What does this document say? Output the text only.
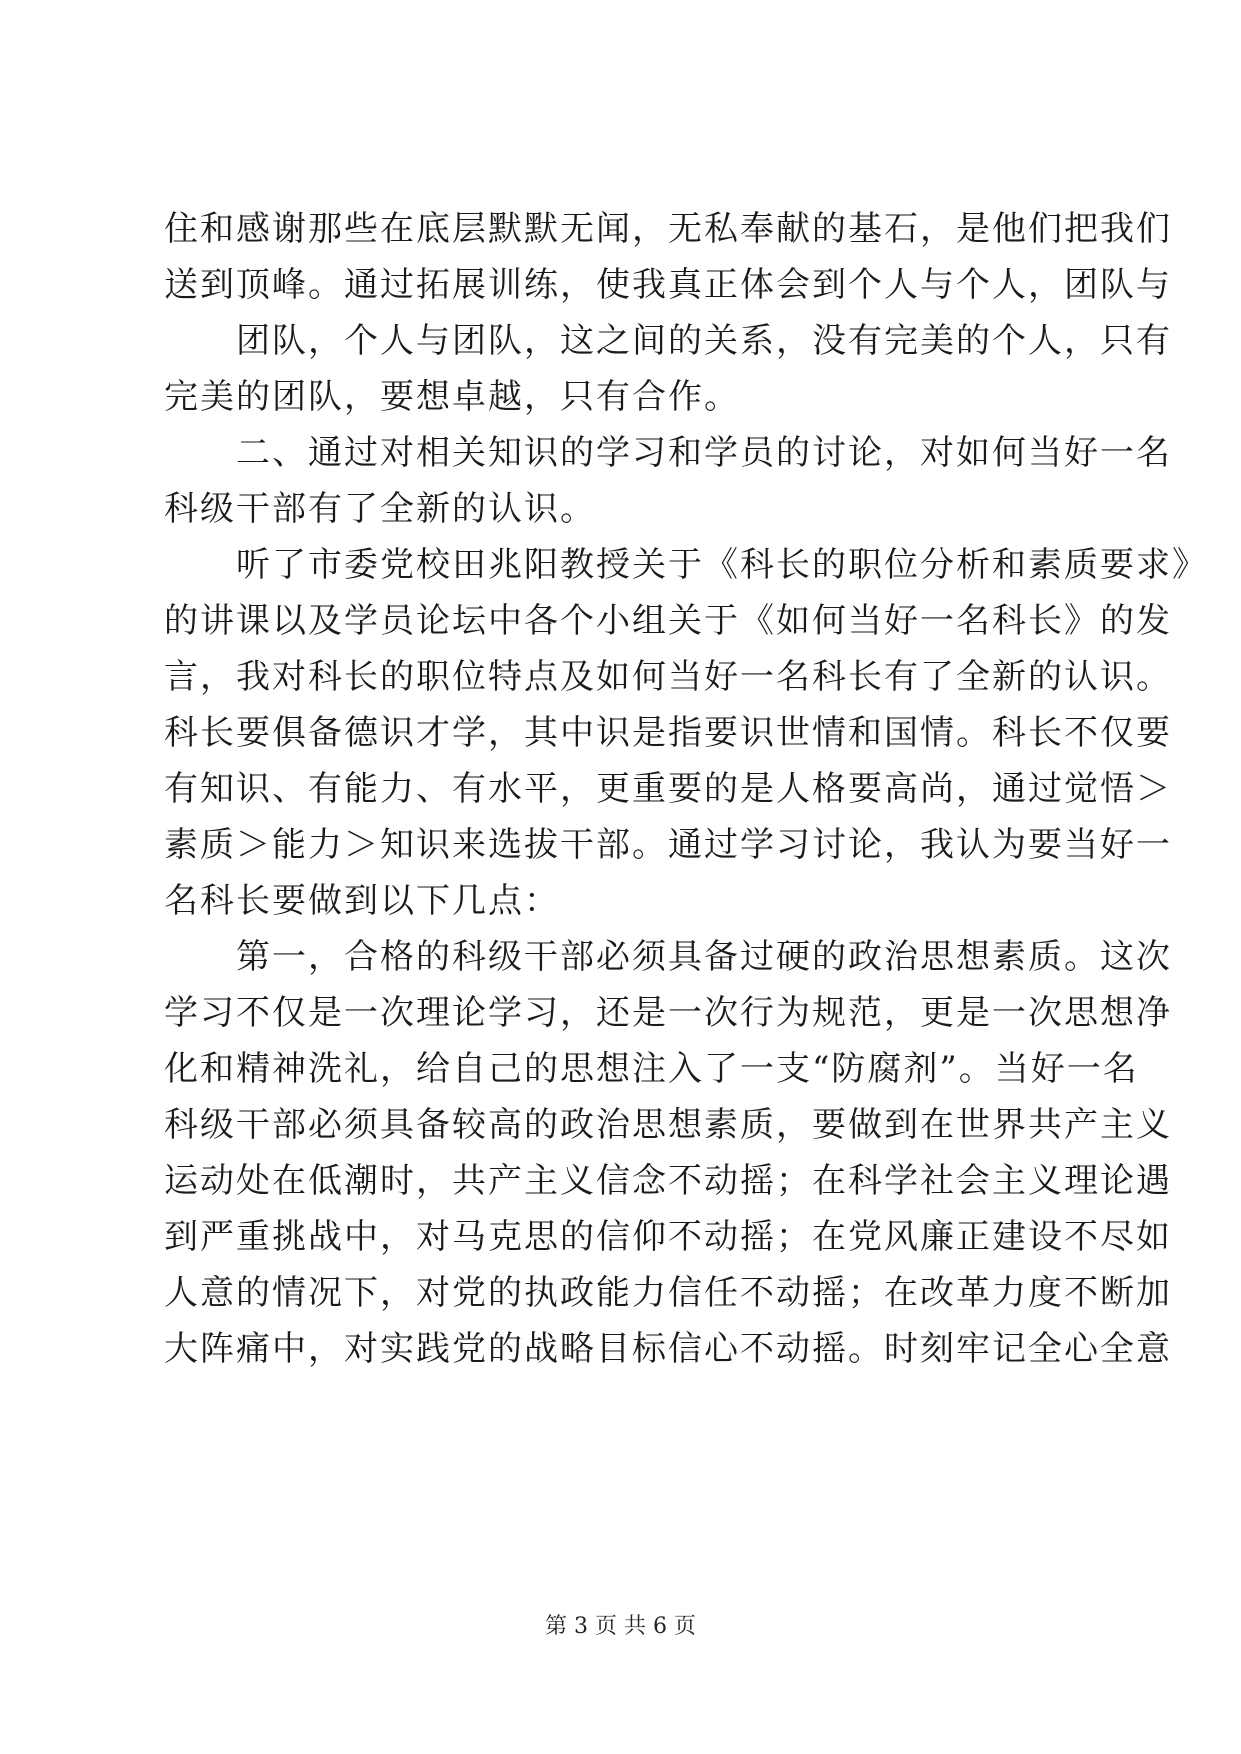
住和感谢那些在底层默默无闻，无私奉献的基石，是他们把我们
送到顶峰。通过拓展训练，使我真正体会到个人与个人，团队与
　　团队，个人与团队，这之间的关系，没有完美的个人，只有
完美的团队，要想卓越，只有合作。
　　二、通过对相关知识的学习和学员的讨论，对如何当好一名
科级干部有了全新的认识。
　　听了市委党校田兆阳教授关于《科长的职位分析和素质要求》
的讲课以及学员论坛中各个小组关于《如何当好一名科长》的发
言，我对科长的职位特点及如何当好一名科长有了全新的认识。
科长要俱备德识才学，其中识是指要识世情和国情。科长不仅要
有知识、有能力、有水平，更重要的是人格要高尚，通过觉悟＞
素质＞能力＞知识来选拔干部。通过学习讨论，我认为要当好一
名科长要做到以下几点：
　　第一，合格的科级干部必须具备过硬的政治思想素质。这次
学习不仅是一次理论学习，还是一次行为规范，更是一次思想净
化和精神洗礼，给自己的思想注入了一支“防腐剂”。当好一名
科级干部必须具备较高的政治思想素质，要做到在世界共产主义
运动处在低潮时，共产主义信念不动摇；在科学社会主义理论遇
到严重挑战中，对马克思的信仰不动摇；在党风廉正建设不尽如
人意的情况下，对党的执政能力信任不动摇；在改革力度不断加
大阵痛中，对实践党的战略目标信心不动摇。时刻牢记全心全意
第 3 页 共 6 页
